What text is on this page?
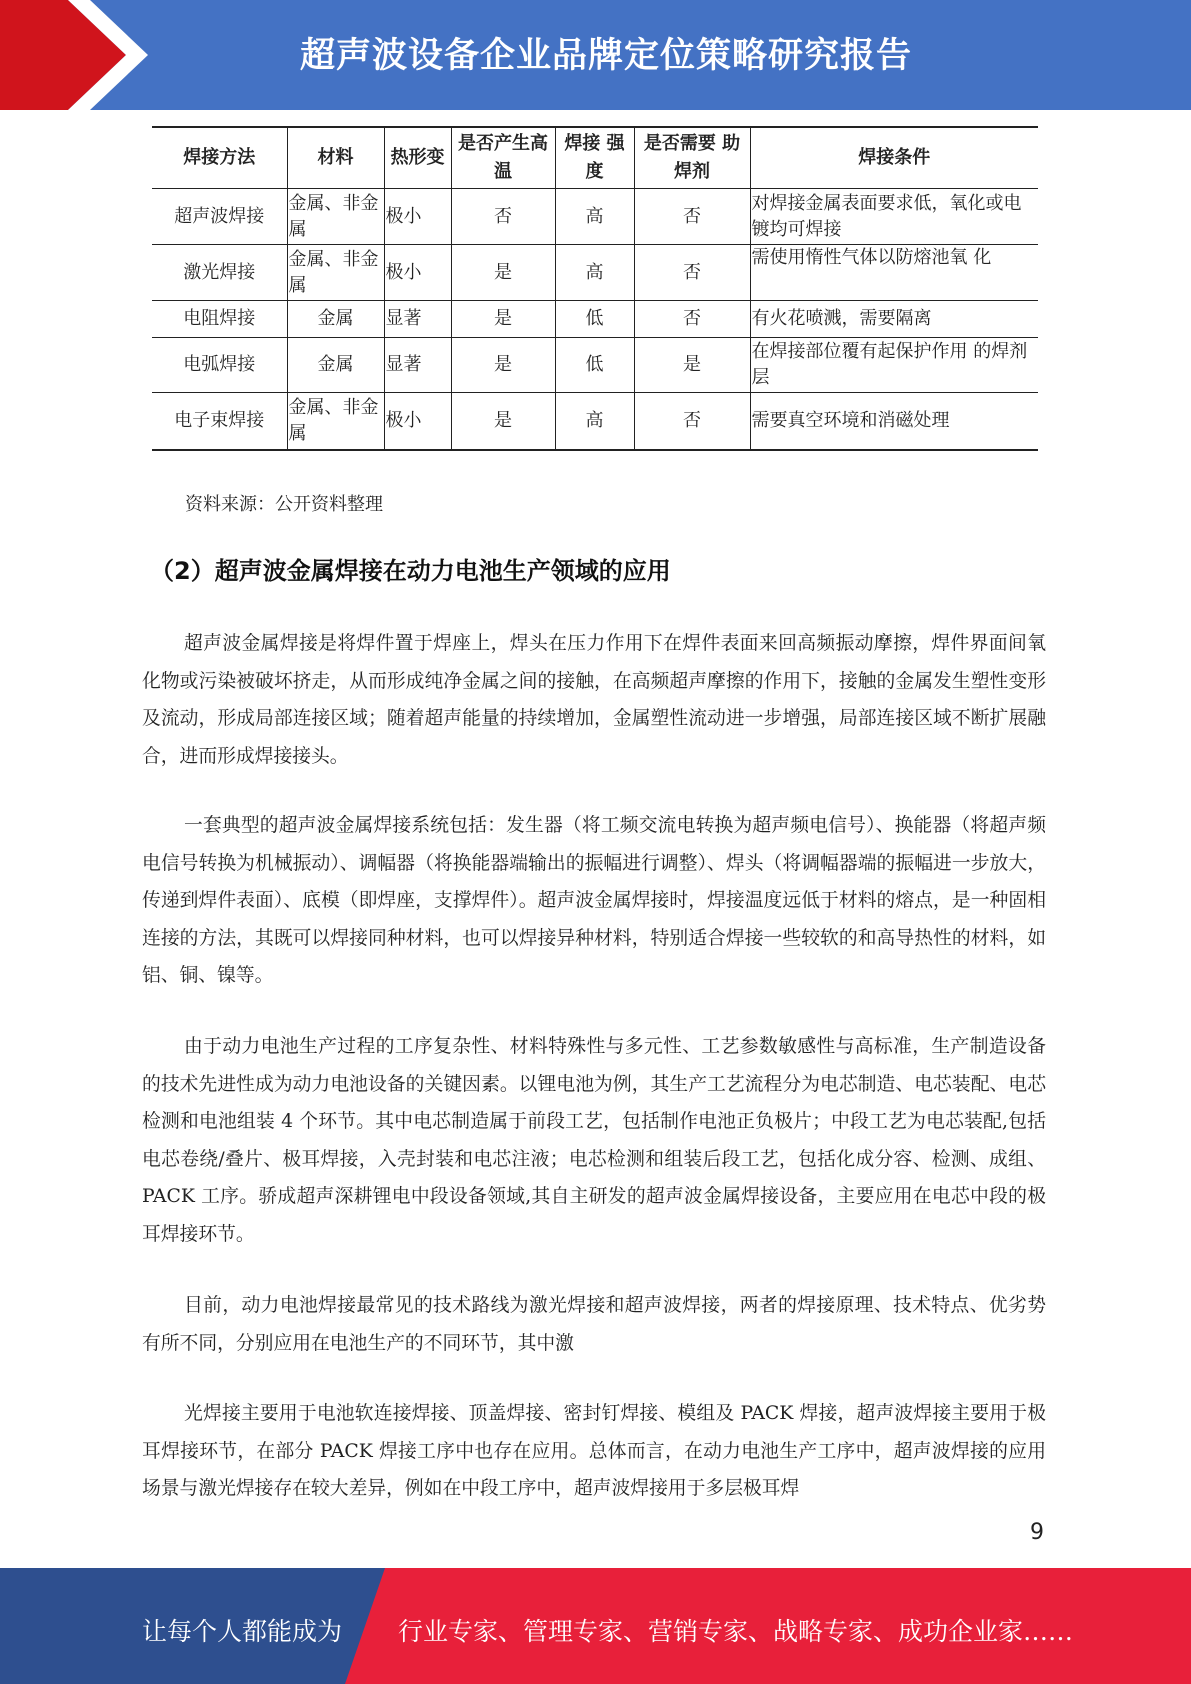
超声波设备企业品牌定位策略研究报告
焊接方法	材料	热形变	是否产生高温	焊接 强度	是否需要 助焊剂	焊接条件
超声波焊接	金属、非金属	极小	否	高	否	对焊接金属表面要求低，氧化或电镀均可焊接

激光焊接	金属、非金属	极小	是	高	否	需使用惰性气体以防熔池氧 化

电阻焊接	金属	显著	是	低	否	有火花喷溅，需要隔离
电弧焊接	金属	显著	是	低	是	在焊接部位覆有起保护作用 的焊剂层
电子束焊接	金属、非金属	极小	是	高	否	需要真空环境和消磁处理
资料来源：公开资料整理
（2）超声波金属焊接在动力电池生产领域的应用

超声波金属焊接是将焊件置于焊座上，焊头在压力作用下在焊件表面来回高频振动摩擦，焊件界面间氧化物或污染被破坏挤走，从而形成纯净金属之间的接触，在高频超声摩擦的作用下，接触的金属发生塑性变形及流动，形成局部连接区域；随着超声能量的持续增加，金属塑性流动进一步增强，局部连接区域不断扩展融合，进而形成焊接接头。

一套典型的超声波金属焊接系统包括：发生器（将工频交流电转换为超声频电信号）、换能器（将超声频电信号转换为机械振动）、调幅器（将换能器端输出的振幅进行调整）、焊头（将调幅器端的振幅进一步放大，传递到焊件表面）、底模（即焊座，支撑焊件）。超声波金属焊接时，焊接温度远低于材料的熔点，是一种固相连接的方法，其既可以焊接同种材料，也可以焊接异种材料，特别适合焊接一些较软的和高导热性的材料，如铝、铜、镍等。

由于动力电池生产过程的工序复杂性、材料特殊性与多元性、工艺参数敏感性与高标准，生产制造设备的技术先进性成为动力电池设备的关键因素。以锂电池为例，其生产工艺流程分为电芯制造、电芯装配、电芯检测和电池组装 4 个环节。其中电芯制造属于前段工艺，包括制作电池正负极片；中段工艺为电芯装配,包括电芯卷绕/叠片、极耳焊接，入壳封装和电芯注液；电芯检测和组装后段工艺，包括化成分容、检测、成组、PACK 工序。骄成超声深耕锂电中段设备领域,其自主研发的超声波金属焊接设备，主要应用在电芯中段的极耳焊接环节。

目前，动力电池焊接最常见的技术路线为激光焊接和超声波焊接，两者的焊接原理、技术特点、优劣势有所不同，分别应用在电池生产的不同环节，其中激

光焊接主要用于电池软连接焊接、顶盖焊接、密封钉焊接、模组及 PACK 焊接，超声波焊接主要用于极耳焊接环节，在部分 PACK 焊接工序中也存在应用。总体而言，在动力电池生产工序中，超声波焊接的应用场景与激光焊接存在较大差异，例如在中段工序中，超声波焊接用于多层极耳焊

9
让每个人都能成为 行业专家、管理专家、营销专家、战略专家、成功企业家……
